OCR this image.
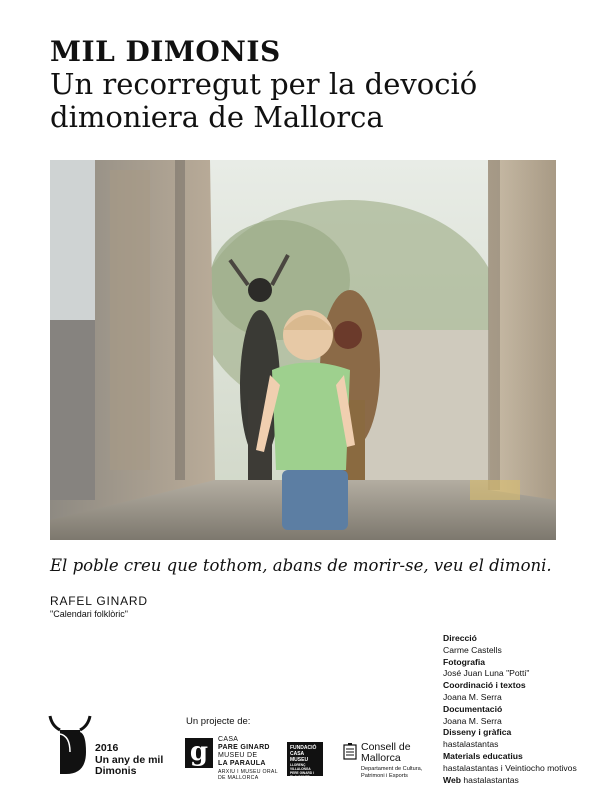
MIL DIMONIS
Un recorregut per la devoció
dimoniera de Mallorca
El poble creu que tothom, abans de morir-se, veu el dimoni.
RAFEL GINARD
"Calendari folklòric"
Direcció
Carme Castells
Fotografia
José Juan Luna "Potti"
Coordinació i textos
Joana M. Serra
Documentació
Joana M. Serra
Disseny i gràfica
hastalastantas
Materials educatius
hastalastantas i Veintiocho motivos
Web hastalastantas
2016
Un any de mil
Dimonis
Un projecte de:
g	CASA
PARE GINARD
MUSEU DE
LA PARAULA
ARXIU I MUSEU ORAL
DE MALLORCA
FUNDACIÓ
CASA MUSEU
LLORENÇ VILLALONGA
PERE GINARD I BLAI BONET
Consell de
Mallorca
Departament de Cultura,
Patrimoni i Esports
